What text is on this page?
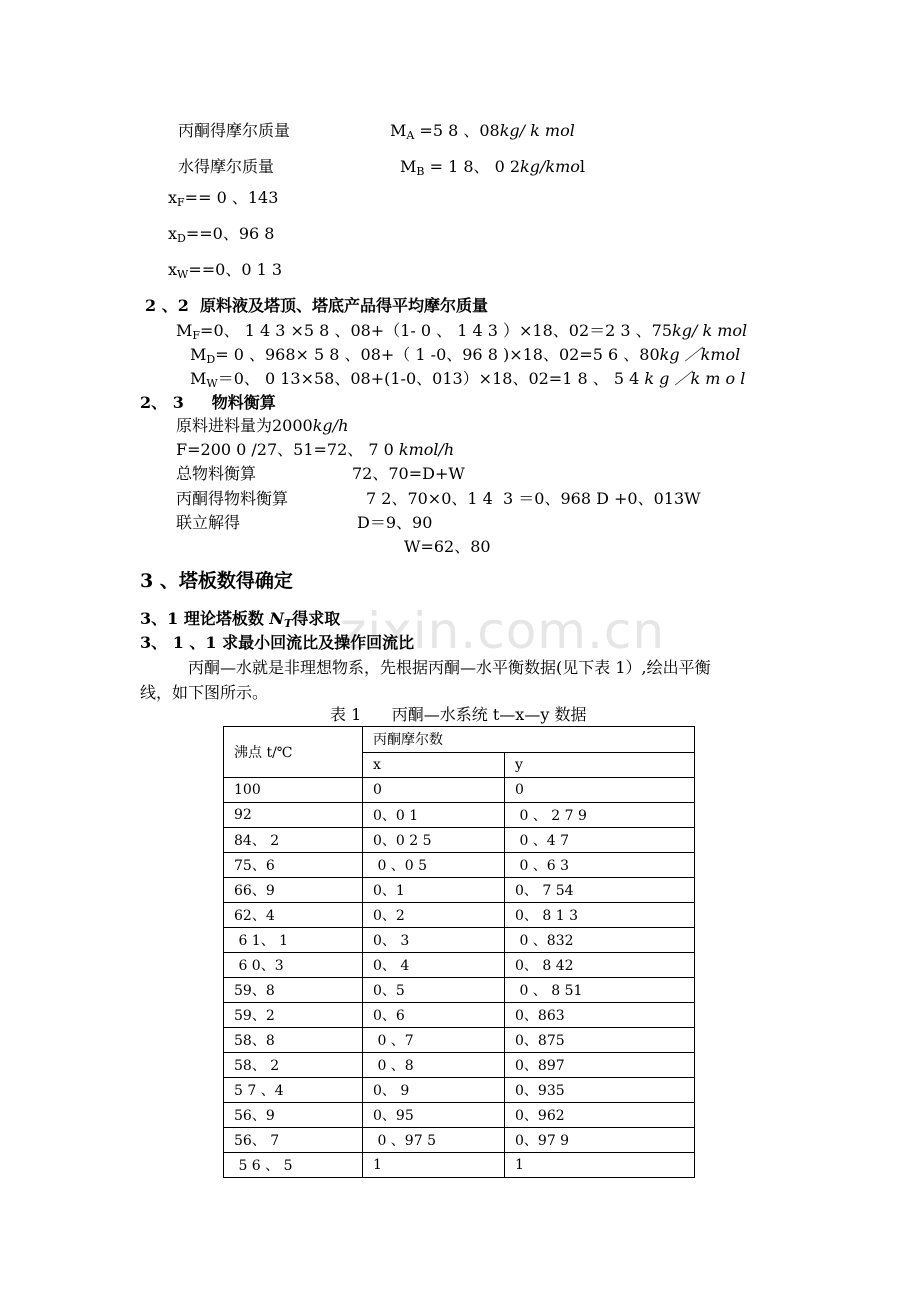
zixin.com.cn
丙酮得摩尔质量	$M_A =5$ 8 、08kg/ k mol
水得摩尔质量	$M_B = 1$ 8、 0 2kg/kmol
$x_F== 0$ 、143
$x_D==0$、96 8
$x_W==0$、0 1 3
2 、2  原料液及塔顶、塔底产品得平均摩尔质量
$M_F=0$、 1 4 3 ×5 8 、08+（1- 0 、 1 4 3 ）×18、02＝2 3 、75kg/ k mol
$M_D= 0$ 、968× 5 8 、08+（ 1 -0、96 8 )×18、02=5 6 、80kg ／kmol
$M_W=0$、 0 13×58、08+(1-0、013）×18、02=1 8 、 5 4 k g ／k m o l
2、 3     物料衡算
原料进料量为2000kg/h
F=200 0 /27、51=72、 7 0 kmol/h
总物料衡算	72、70=D+W
丙酮得物料衡算	7 2、70×0、1 4  3 ＝0、968 D +0、013W
联立解得	D＝9、90
W=62、80
3 、塔板数得确定
3、1 理论塔板数 $N_T$得求取
3、 1 、1 求最小回流比及操作回流比
丙酮—水就是非理想物系，先根据丙酮—水平衡数据(见下表 1）,绘出平衡
线，如下图所示。
表 1      丙酮—水系统 t—x—y 数据
沸点 t/℃	丙酮摩尔数	
	x	y
100	0	0
92	0、0 1	0 、 2 7 9
84、 2	0、0 2 5	0 、4 7
75、6	0 、0 5	0 、6 3
66、9	0、1	0、 7 54
62、4	0、2	0、 8 1 3
6 1、 1	0、 3	0 、832
6 0、3	0、 4	0、 8 42
59、8	0、5	0 、 8 51
59、2	0、6	0、863
58、8	0 、7	0、875
58、 2	0 、8	0、897
5 7 、4	0、 9	0、935
56、9	0、95	0、962
56、 7	0 、97 5	0、97 9
5 6 、 5	1	1
